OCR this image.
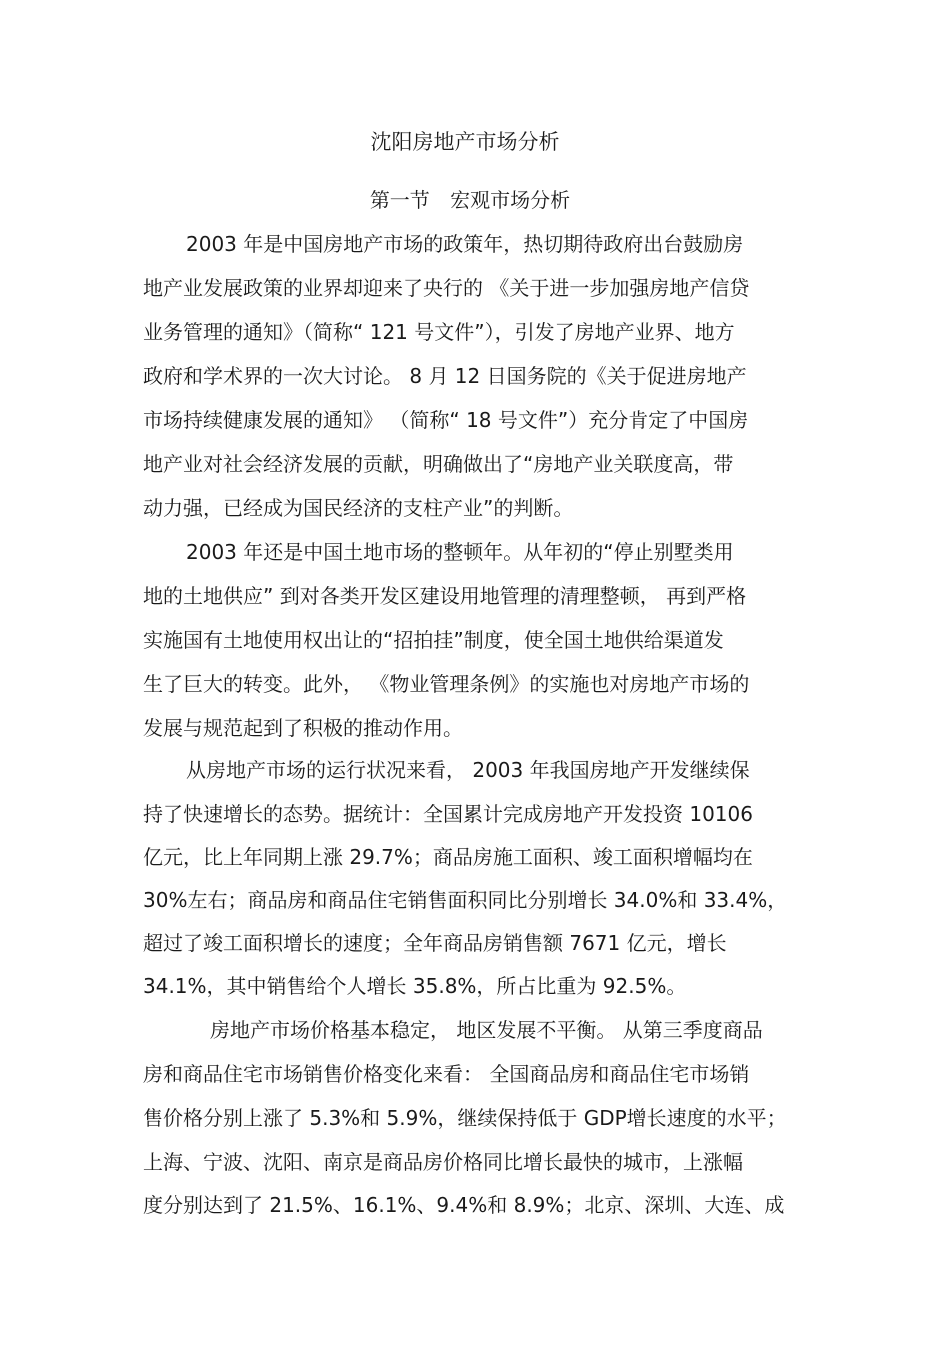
沈阳房地产市场分析
第一节 宏观市场分析
2003 年是中国房地产市场的政策年，热切期待政府出台鼓励房
地产业发展政策的业界却迎来了央行的 《关于进一步加强房地产信贷
业务管理的通知》（简称“ 121 号文件”），引发了房地产业界、地方
政府和学术界的一次大讨论。 8 月 12 日国务院的《关于促进房地产
市场持续健康发展的通知》 （简称“ 18 号文件”）充分肯定了中国房
地产业对社会经济发展的贡献，明确做出了“房地产业关联度高，带
动力强，已经成为国民经济的支柱产业”的判断。
2003 年还是中国土地市场的整顿年。从年初的“停止别墅类用
地的土地供应” 到对各类开发区建设用地管理的清理整顿， 再到严格
实施国有土地使用权出让的“招拍挂”制度，使全国土地供给渠道发
生了巨大的转变。此外， 《物业管理条例》的实施也对房地产市场的
发展与规范起到了积极的推动作用。
从房地产市场的运行状况来看， 2003 年我国房地产开发继续保
持了快速增长的态势。据统计：全国累计完成房地产开发投资 10106
亿元，比上年同期上涨 29.7%；商品房施工面积、竣工面积增幅均在
30%左右；商品房和商品住宅销售面积同比分别增长 34.0%和 33.4%，
超过了竣工面积增长的速度；全年商品房销售额 7671 亿元，增长
34.1%，其中销售给个人增长 35.8%，所占比重为 92.5%。
房地产市场价格基本稳定， 地区发展不平衡。 从第三季度商品
房和商品住宅市场销售价格变化来看： 全国商品房和商品住宅市场销
售价格分别上涨了 5.3%和 5.9%，继续保持低于 GDP增长速度的水平；
上海、宁波、沈阳、南京是商品房价格同比增长最快的城市，上涨幅
度分别达到了 21.5%、16.1%、9.4%和 8.9%；北京、深圳、大连、成
